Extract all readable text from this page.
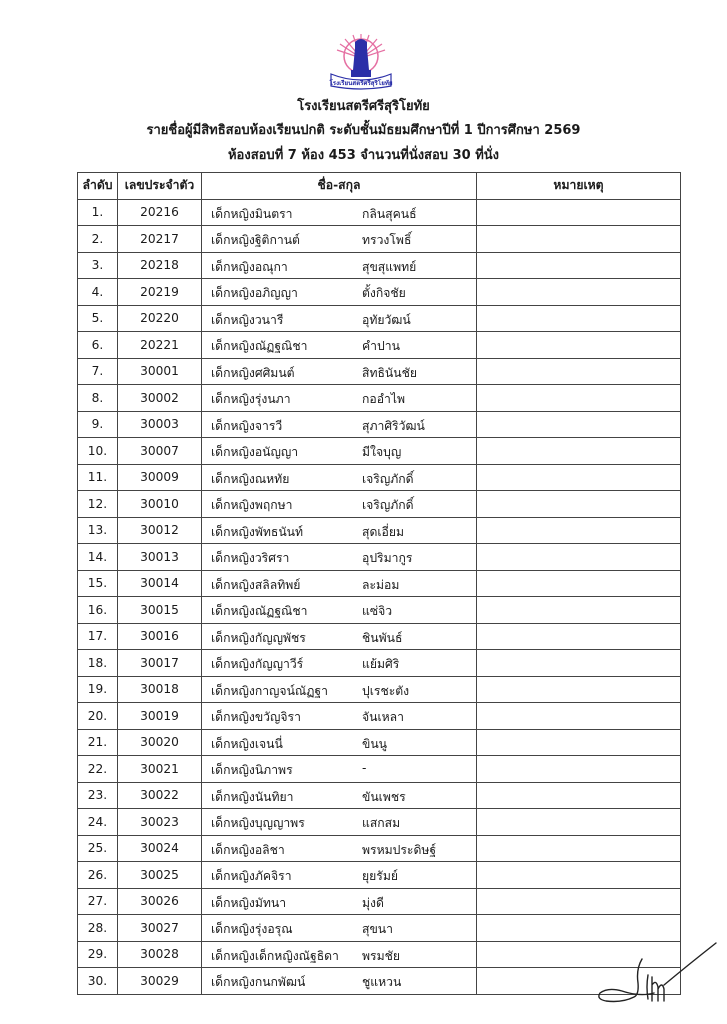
โรงเรียนสตรีศรีสุริโยทัย
โรงเรียนสตรีศรีสุริโยทัย
รายชื่อผู้มีสิทธิสอบห้องเรียนปกติ ระดับชั้นมัธยมศึกษาปีที่ 1 ปีการศึกษา 2569
ห้องสอบที่ 7 ห้อง 453 จำนวนที่นั่งสอบ 30 ที่นั่ง
ลำดับ	เลขประจำตัว	ชื่อ-สกุล	หมายเหตุ
1.	20216	เด็กหญิงมินตรา กลินสุคนธ์	

2.	20217	เด็กหญิงฐิติกานต์ ทรวงโพธิ์	

3.	20218	เด็กหญิงอณุกา สุขสุแพทย์	

4.	20219	เด็กหญิงอภิญญา ตั้งกิจชัย	

5.	20220	เด็กหญิงวนารี อุทัยวัฒน์	

6.	20221	เด็กหญิงณัฏฐณิชา คำปาน	

7.	30001	เด็กหญิงศศิมนต์ สิทธินันชัย	

8.	30002	เด็กหญิงรุ่งนภา กออำไพ	

9.	30003	เด็กหญิงจารวี สุภาศิริวัฒน์	

10.	30007	เด็กหญิงอนัญญา มีใจบุญ	

11.	30009	เด็กหญิงณหทัย เจริญภักดิ์	

12.	30010	เด็กหญิงพฤกษา เจริญภักดิ์	

13.	30012	เด็กหญิงพัทธนันท์ สุดเอี่ยม	

14.	30013	เด็กหญิงวริศรา อุปริมากูร	

15.	30014	เด็กหญิงสลิลทิพย์ ละม่อม	

16.	30015	เด็กหญิงณัฏฐณิชา แซ่จิว	

17.	30016	เด็กหญิงกัญญพัชร ชินพันธ์	

18.	30017	เด็กหญิงกัญญาวีร์ แย้มศิริ	

19.	30018	เด็กหญิงกาญจน์ณัฏฐา ปุเรชะตัง	

20.	30019	เด็กหญิงขวัญจิรา จันเหลา	

21.	30020	เด็กหญิงเจนนี่ ขินนู	

22.	30021	เด็กหญิงนิภาพร -	

23.	30022	เด็กหญิงนันทิยา ขันเพชร	

24.	30023	เด็กหญิงบุญญาพร แสกสม	

25.	30024	เด็กหญิงอลิชา พรหมประดิษฐ์	

26.	30025	เด็กหญิงภัคจิรา ยุยรัมย์	

27.	30026	เด็กหญิงมัทนา มุ่งดี	

28.	30027	เด็กหญิงรุ่งอรุณ สุขนา	

29.	30028	เด็กหญิงเด็กหญิงณัฐธิดา พรมชัย	

30.	30029	เด็กหญิงกนกพัฒน์ ชูแหวน	
